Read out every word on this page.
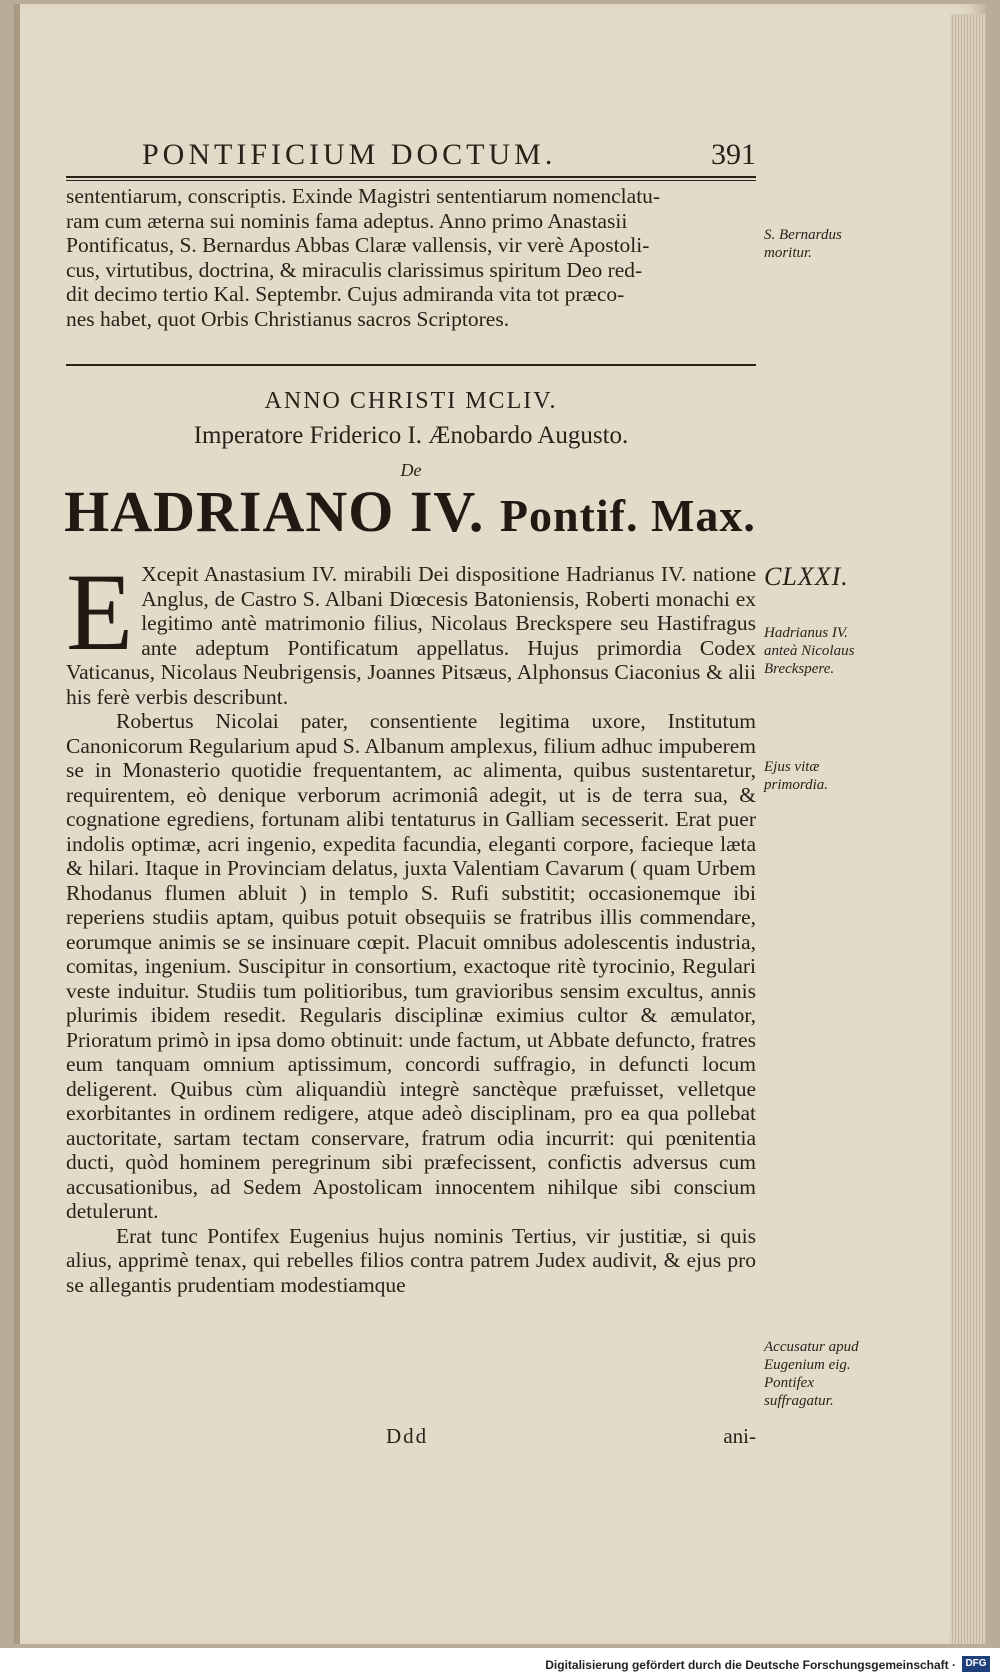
PONTIFICIUM DOCTUM.	391
sententiarum, conscriptis. Exinde Magistri sententiarum nomenclatu-
ram cum æterna sui nominis fama adeptus. Anno primo Anastasii
Pontificatus, S. Bernardus Abbas Claræ vallensis, vir verè Apostoli-
cus, virtutibus, doctrina, & miraculis clarissimus spiritum Deo red-
dit decimo tertio Kal. Septembr. Cujus admiranda vita tot præco-
nes habet, quot Orbis Christianus sacros Scriptores.
ANNO CHRISTI MCLIV.
Imperatore Friderico I. Ænobardo Augusto.
De
HADRIANO IV. Pontif. Max.
E Xcepit Anastasium IV. mirabili Dei dispositione Hadrianus IV. natione Anglus, de Castro S. Albani Diœcesis Batoniensis, Roberti monachi ex legitimo antè matrimonio filius, Nicolaus Breckspere seu Hastifragus ante adeptum Pontificatum appellatus. Hujus primordia Codex Vaticanus, Nicolaus Neubrigensis, Joannes Pitsæus, Alphonsus Ciaconius & alii his ferè verbis describunt.

Robertus Nicolai pater, consentiente legitima uxore, Institutum Canonicorum Regularium apud S. Albanum amplexus, filium adhuc impuberem se in Monasterio quotidie frequentantem, ac alimenta, quibus sustentaretur, requirentem, eò denique verborum acrimoniâ adegit, ut is de terra sua, & cognatione egrediens, fortunam alibi tentaturus in Galliam secesserit. Erat puer indolis optimæ, acri ingenio, expedita facundia, eleganti corpore, facieque læta & hilari. Itaque in Provinciam delatus, juxta Valentiam Cavarum ( quam Urbem Rhodanus flumen abluit ) in templo S. Rufi substitit; occasionemque ibi reperiens studiis aptam, quibus potuit obsequiis se fratribus illis commendare, eorumque animis se se insinuare cœpit. Placuit omnibus adolescentis industria, comitas, ingenium. Suscipitur in consortium, exactoque ritè tyrocinio, Regulari veste induitur. Studiis tum politioribus, tum gravioribus sensim excultus, annis plurimis ibidem resedit. Regularis disciplinæ eximius cultor & æmulator, Prioratum primò in ipsa domo obtinuit: unde factum, ut Abbate defuncto, fratres eum tanquam omnium aptissimum, concordi suffragio, in defuncti locum deligerent. Quibus cùm aliquandiù integrè sanctèque præfuisset, velletque exorbitantes in ordinem redigere, atque adeò disciplinam, pro ea qua pollebat auctoritate, sartam tectam conservare, fratrum odia incurrit: qui pœnitentia ducti, quòd hominem peregrinum sibi præfecissent, confictis adversus cum accusationibus, ad Sedem Apostolicam innocentem nihilque sibi conscium detulerunt.

Erat tunc Pontifex Eugenius hujus nominis Tertius, vir justitiæ, si quis alius, apprimè tenax, qui rebelles filios contra patrem Judex audivit, & ejus pro se allegantis prudentiam modestiamque

Ddd	ani-
S. Bernardus moritur.
CLXXI.
Hadrianus IV. anteà Nicolaus Breckspere.
Ejus vitæ primordia.
Accusatur apud Eugenium eig. Pontifex suffragatur.
Digitalisierung gefördert durch die Deutsche Forschungsgemeinschaft · DFG
